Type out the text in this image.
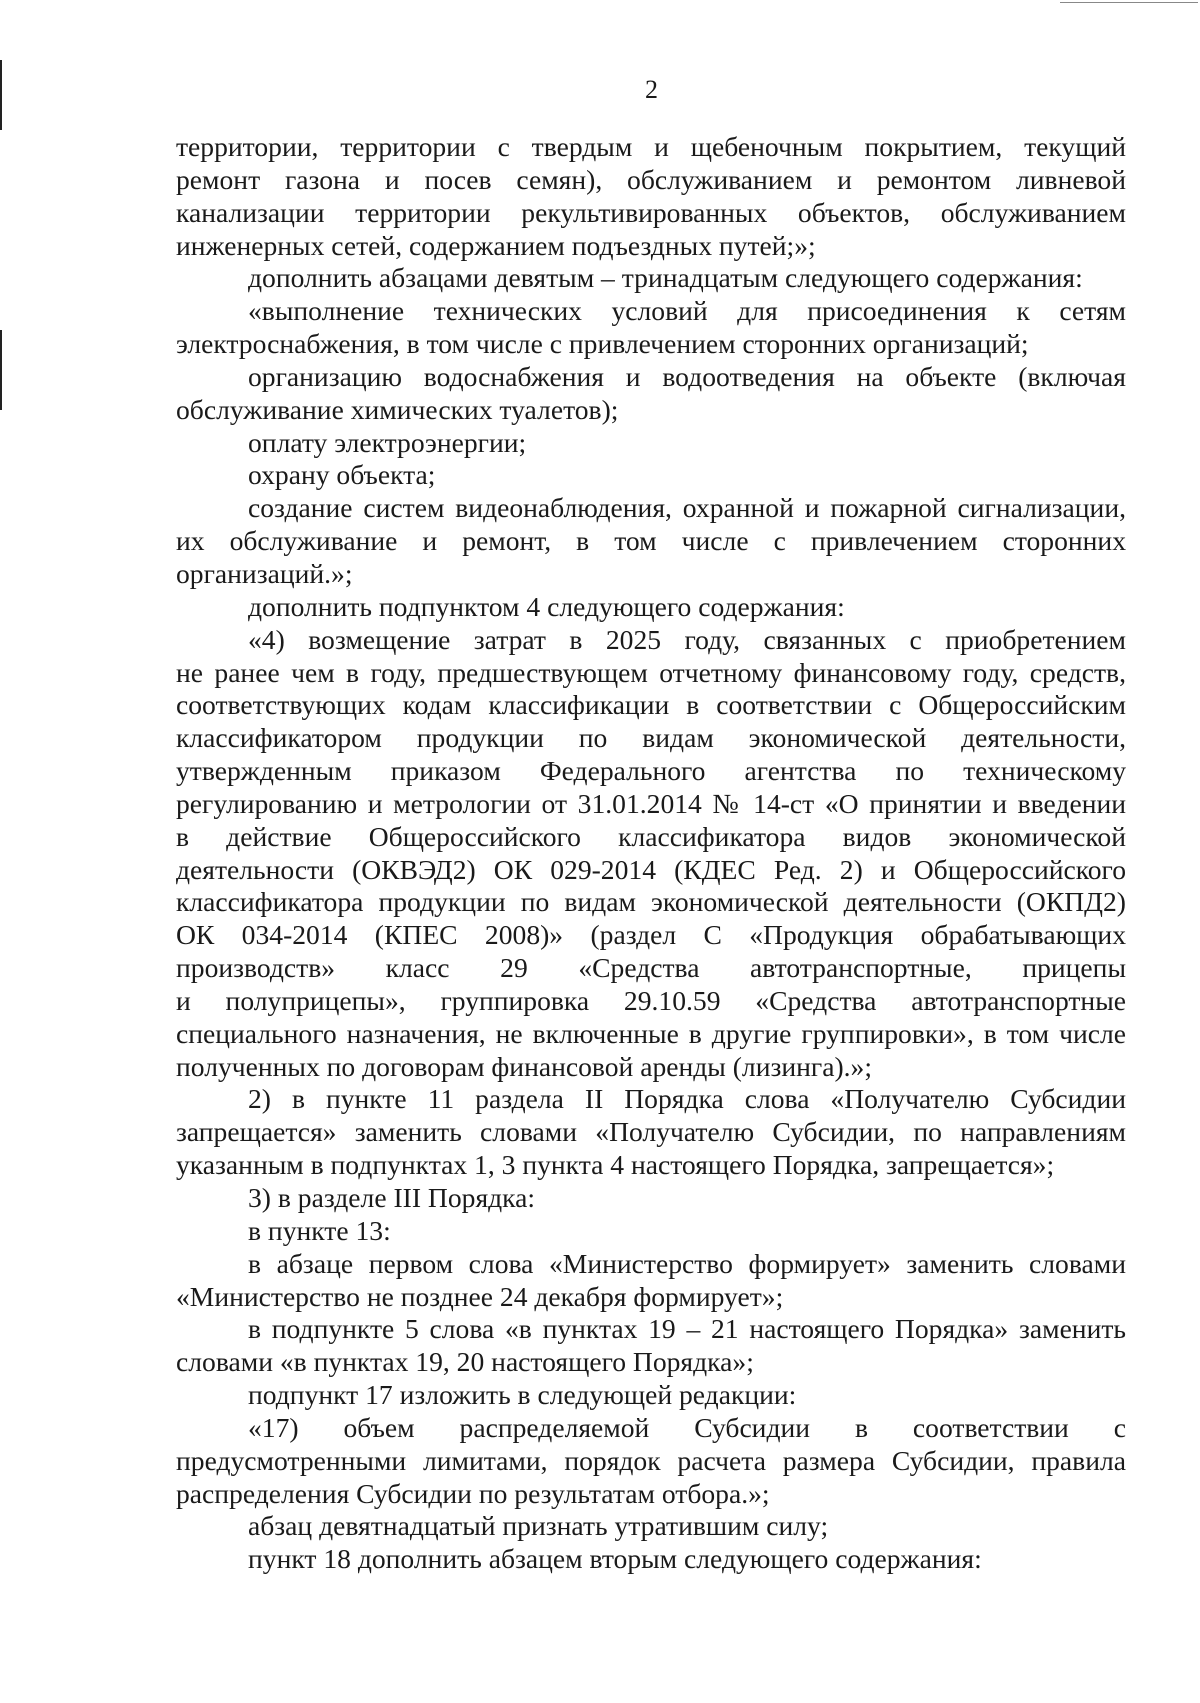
2
территории, территории с твердым и щебеночным покрытием, текущий
ремонт газона и посев семян), обслуживанием и ремонтом ливневой
канализации территории рекультивированных объектов, обслуживанием
инженерных сетей, содержанием подъездных путей;»;
дополнить абзацами девятым – тринадцатым следующего содержания:
«выполнение технических условий для присоединения к сетям
электроснабжения, в том числе с привлечением сторонних организаций;
организацию водоснабжения и водоотведения на объекте (включая
обслуживание химических туалетов);
оплату электроэнергии;
охрану объекта;
создание систем видеонаблюдения, охранной и пожарной сигнализации,
их обслуживание и ремонт, в том числе с привлечением сторонних
организаций.»;
дополнить подпунктом 4 следующего содержания:
«4) возмещение затрат в 2025 году, связанных с приобретением
не ранее чем в году, предшествующем отчетному финансовому году, средств,
соответствующих кодам классификации в соответствии с Общероссийским
классификатором продукции по видам экономической деятельности,
утвержденным приказом Федерального агентства по техническому
регулированию и метрологии от 31.01.2014 № 14-ст «О принятии и введении
в действие Общероссийского классификатора видов экономической
деятельности (ОКВЭД2) ОК 029-2014 (КДЕС Ред. 2) и Общероссийского
классификатора продукции по видам экономической деятельности (ОКПД2)
ОК 034-2014 (КПЕС 2008)» (раздел С «Продукция обрабатывающих
производств» класс 29 «Средства автотранспортные, прицепы
и полуприцепы», группировка 29.10.59 «Средства автотранспортные
специального назначения, не включенные в другие группировки», в том числе
полученных по договорам финансовой аренды (лизинга).»;
2) в пункте 11 раздела II Порядка слова «Получателю Субсидии
запрещается» заменить словами «Получателю Субсидии, по направлениям
указанным в подпунктах 1, 3 пункта 4 настоящего Порядка, запрещается»;
3) в разделе III Порядка:
в пункте 13:
в абзаце первом слова «Министерство формирует» заменить словами
«Министерство не позднее 24 декабря формирует»;
в подпункте 5 слова «в пунктах 19 – 21 настоящего Порядка» заменить
словами «в пунктах 19, 20 настоящего Порядка»;
подпункт 17 изложить в следующей редакции:
«17) объем распределяемой Субсидии в соответствии с
предусмотренными лимитами, порядок расчета размера Субсидии, правила
распределения Субсидии по результатам отбора.»;
абзац девятнадцатый признать утратившим силу;
пункт 18 дополнить абзацем вторым следующего содержания:
